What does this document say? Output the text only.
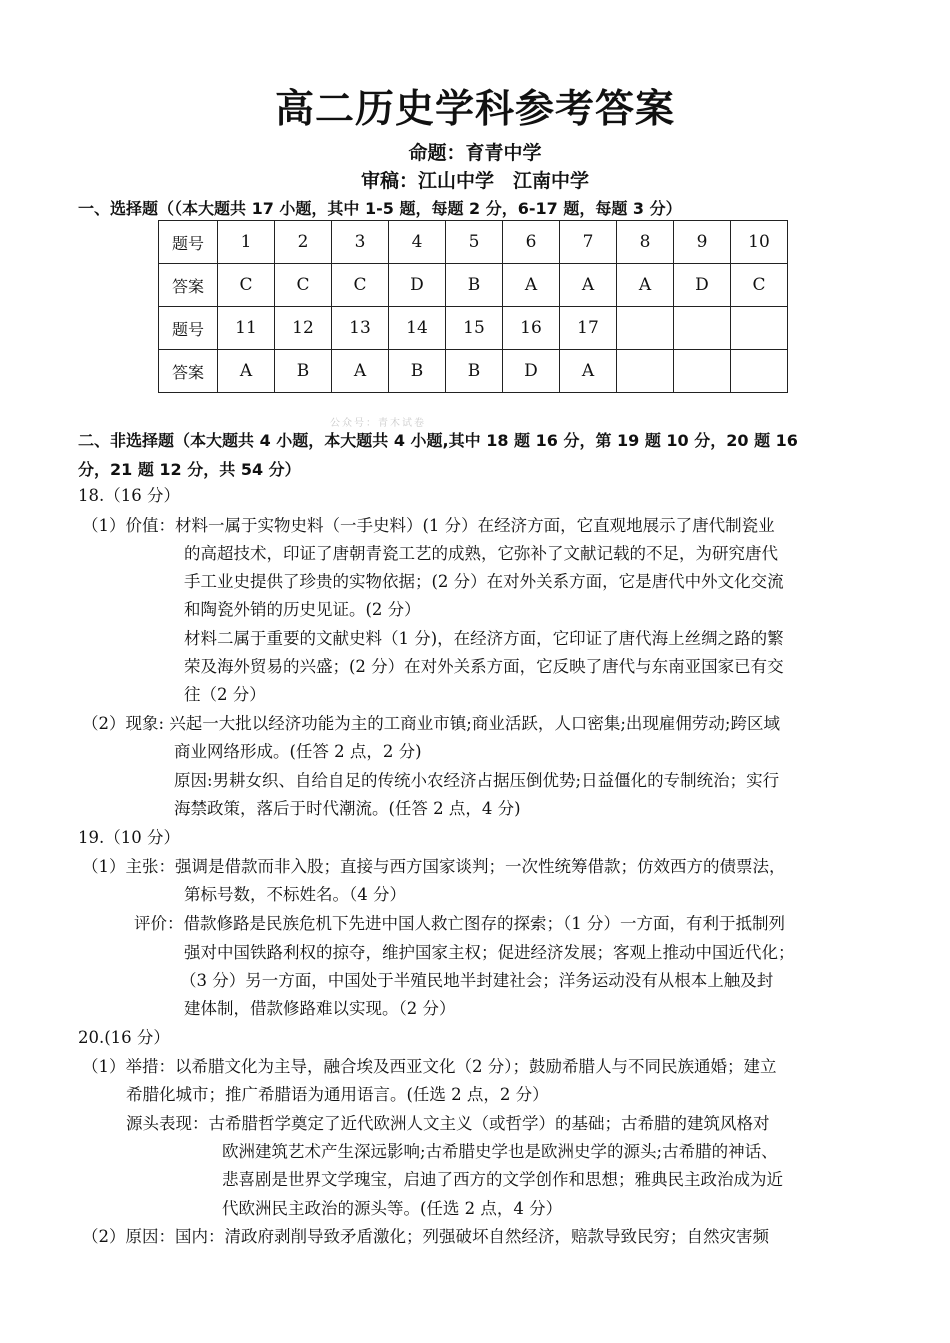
高二历史学科参考答案
命题：育青中学
审稿：江山中学　江南中学
一、选择题（（本大题共 17 小题，其中 1-5 题，每题 2 分，6-17 题，每题 3 分）
题号	1	2	3	4	5	6	7	8	9	10
答案	C	C	C	D	B	A	A	A	D	C
题号	11	12	13	14	15	16	17			
答案	A	B	A	B	B	D	A			
公众号：青木试卷
二、非选择题（本大题共 4 小题，本大题共 4 小题,其中 18 题 16 分，第 19 题 10 分，20 题 16
分，21 题 12 分，共 54 分）
18.（16 分）
（1）价值：材料一属于实物史料（一手史料）(1 分）在经济方面，它直观地展示了唐代制瓷业
的高超技术，印证了唐朝青瓷工艺的成熟，它弥补了文献记载的不足，为研究唐代
手工业史提供了珍贵的实物依据；(2 分）在对外关系方面，它是唐代中外文化交流
和陶瓷外销的历史见证。(2 分）
材料二属于重要的文献史料（1 分)，在经济方面，它印证了唐代海上丝绸之路的繁
荣及海外贸易的兴盛；(2 分）在对外关系方面，它反映了唐代与东南亚国家已有交
往（2 分）
（2）现象: 兴起一大批以经济功能为主的工商业市镇;商业活跃，人口密集;出现雇佣劳动;跨区域
商业网络形成。(任答 2 点，2 分)
原因:男耕女织、自给自足的传统小农经济占据压倒优势;日益僵化的专制统治；实行
海禁政策，落后于时代潮流。(任答 2 点，4 分)
19.（10 分）
（1）主张：强调是借款而非入股；直接与西方国家谈判；一次性统筹借款；仿效西方的债票法，
第标号数，不标姓名。（4 分）
评价：借款修路是民族危机下先进中国人救亡图存的探索；（1 分）一方面，有利于抵制列
强对中国铁路利权的掠夺，维护国家主权；促进经济发展；客观上推动中国近代化；
（3 分）另一方面，中国处于半殖民地半封建社会；洋务运动没有从根本上触及封
建体制，借款修路难以实现。（2 分）
20.(16 分）
（1）举措：以希腊文化为主导，融合埃及西亚文化（2 分）；鼓励希腊人与不同民族通婚；建立
希腊化城市；推广希腊语为通用语言。(任选 2 点，2 分）
源头表现：古希腊哲学奠定了近代欧洲人文主义（或哲学）的基础；古希腊的建筑风格对
欧洲建筑艺术产生深远影响;古希腊史学也是欧洲史学的源头;古希腊的神话、
悲喜剧是世界文学瑰宝，启迪了西方的文学创作和思想；雅典民主政治成为近
代欧洲民主政治的源头等。(任选 2 点，4 分）
（2）原因：国内：清政府剥削导致矛盾激化；列强破坏自然经济，赔款导致民穷；自然灾害频
